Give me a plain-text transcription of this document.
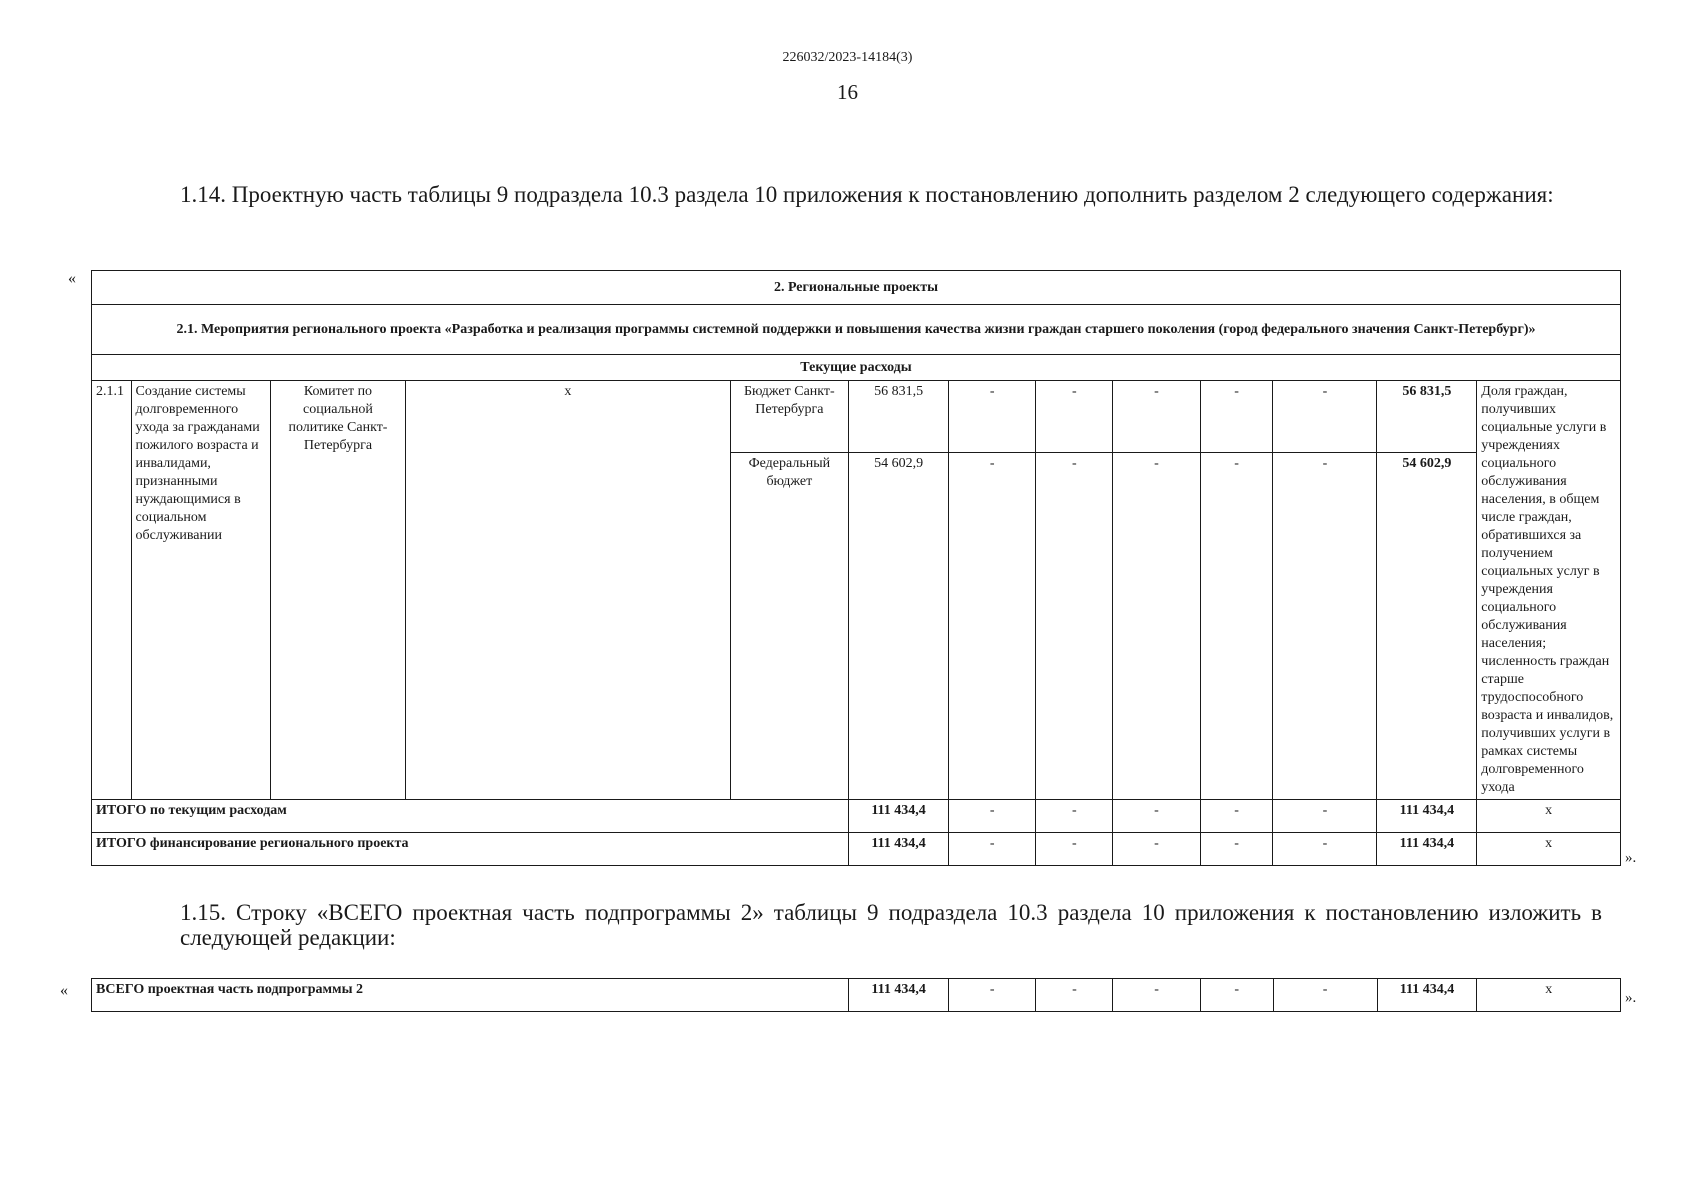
226032/2023-14184(3)
16
1.14. Проектную часть таблицы 9 подраздела 10.3 раздела 10 приложения к постановлению дополнить разделом 2 следующего содержания:
«	2. Региональные проекты												
2.1. Мероприятия регионального проекта «Разработка и реализация программы системной поддержки и повышения качества жизни граждан старшего поколения (город федерального значения Санкт-Петербург)»												
Текущие расходы												
2.1.1	Создание системы долговременного ухода за гражданами пожилого возраста и инвалидами, признанными нуждающимися в социальном обслуживании	Комитет по социальной политике Санкт-Петербурга	х	Бюджет Санкт-Петербурга	56 831,5	-	-	-	-	-	56 831,5	Доля граждан, получивших социальные услуги в учреждениях социального обслуживания населения, в общем числе граждан, обратившихся за получением социальных услуг в учреждения социального обслуживания населения; численность граждан старше трудоспособного возраста и инвалидов, получивших услуги в рамках системы долговременного ухода
				Федеральный бюджет	54 602,9	-	-	-	-	-	54 602,9	
ИТОГО по текущим расходам					111 434,4	-	-	-	-	-	111 434,4	х
ИТОГО финансирование регионального проекта					111 434,4	-	-	-	-	-	111 434,4	х
».
1.15. Строку «ВСЕГО проектная часть подпрограммы 2» таблицы 9 подраздела 10.3 раздела 10 приложения к постановлению изложить в следующей редакции:
« ВСЕГО проектная часть подпрограммы 2	111 434,4	-	-	-	-	-	111 434,4	х
».
